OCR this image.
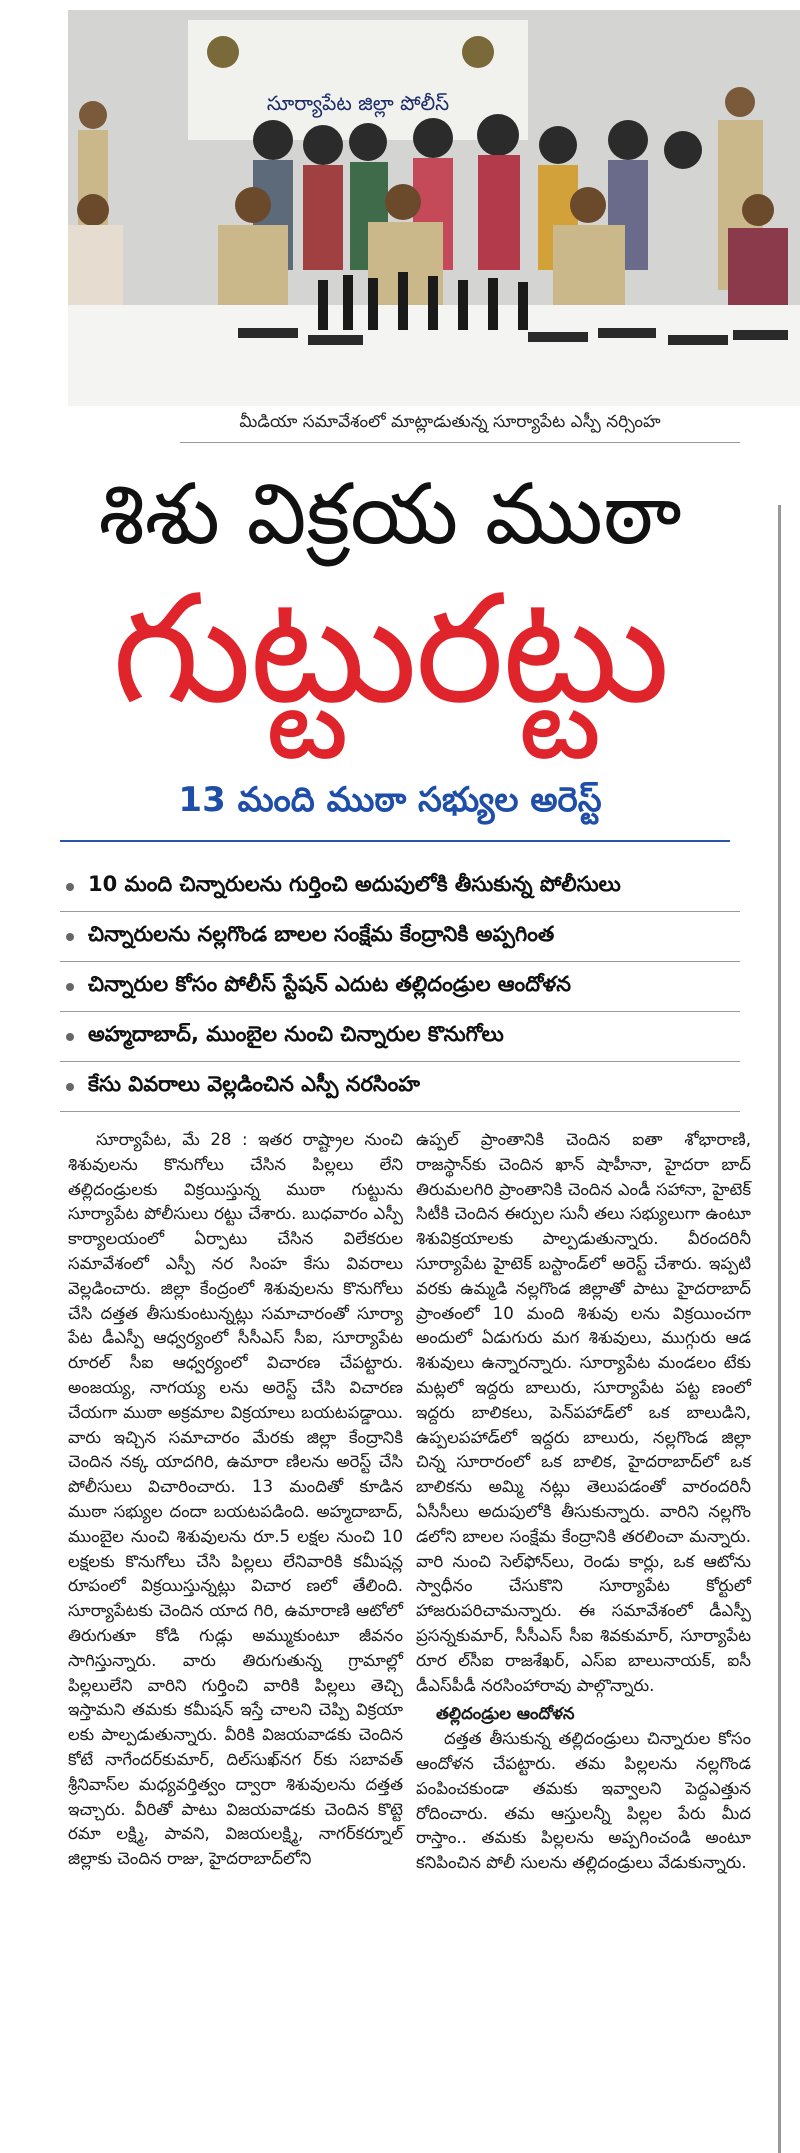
సూర్యాపేట జిల్లా పోలీస్
మీడియా సమావేశంలో మాట్లాడుతున్న సూర్యాపేట ఎస్పీ నర్సింహ
శిశు విక్రయ ముఠా
గుట్టురట్టు
13 మంది ముఠా సభ్యుల అరెస్ట్
10 మంది చిన్నారులను గుర్తించి అదుపులోకి తీసుకున్న పోలీసులు
చిన్నారులను నల్లగొండ బాలల సంక్షేమ కేంద్రానికి అప్పగింత
చిన్నారుల కోసం పోలీస్ స్టేషన్ ఎదుట తల్లిదండ్రుల ఆందోళన
అహ్మదాబాద్, ముంబైల నుంచి చిన్నారుల కొనుగోలు
కేసు వివరాలు వెల్లడించిన ఎస్పీ నరసింహ

సూర్యాపేట, మే 28 : ఇతర రాష్ట్రాల నుంచి శిశువులను కొనుగోలు చేసిన పిల్లలు లేని తల్లిదండ్రులకు విక్రయిస్తున్న ముఠా గుట్టును సూర్యాపేట పోలీసులు రట్టు చేశారు. బుధవారం ఎస్పీ కార్యాలయంలో ఏర్పాటు చేసిన విలేకరుల సమావేశంలో ఎస్పీ నర సింహ కేసు వివరాలు వెల్లడించారు. జిల్లా కేంద్రంలో శిశువులను కొనుగోలు చేసి దత్తత తీసుకుంటున్నట్లు సమాచారంతో సూర్యా పేట డీఎస్పీ ఆధ్వర్యంలో సీసీఎస్ సీఐ, సూర్యాపేట రూరల్ సీఐ ఆధ్వర్యంలో విచారణ చేపట్టారు. అంజయ్య, నాగయ్య లను అరెస్ట్ చేసి విచారణ చేయగా ముఠా అక్రమాల విక్రయాలు బయటపడ్డాయి. వారు ఇచ్చిన సమాచారం మేరకు జిల్లా కేంద్రానికి చెందిన నక్క యాదగిరి, ఉమారా ణిలను అరెస్ట్ చేసి పోలీసులు విచారించారు. 13 మందితో కూడిన ముఠా సభ్యుల దందా బయటపడింది. అహ్మదాబాద్, ముంబైల నుంచి శిశువులను రూ.5 లక్షల నుంచి 10 లక్షలకు కొనుగోలు చేసి పిల్లలు లేనివారికి కమీషన్ల రూపంలో విక్రయిస్తున్నట్లు విచార ణలో తేలింది. సూర్యాపేటకు చెందిన యాద గిరి, ఉమారాణి ఆటోలో తిరుగుతూ కోడి గుడ్లు అమ్ముకుంటూ జీవనం సాగిస్తున్నారు. వారు తిరుగుతున్న గ్రామాల్లో పిల్లలులేని వారిని గుర్తించి వారికి పిల్లలు తెచ్చి ఇస్తామని తమకు కమీషన్ ఇస్తే చాలని చెప్పి విక్రయా లకు పాల్పడుతున్నారు. వీరికి విజయవాడకు చెందిన కోటే నాగేందర్‌కుమార్, దిల్‌సుఖ్‌నగ ర్‌కు సబావత్ శ్రీనివాస్‌ల మధ్యవర్తిత్వం ద్వారా శిశువులను దత్తత ఇచ్చారు. వీరితో పాటు విజయవాడకు చెందిన కొట్టె రమా లక్ష్మి, పావని, విజయలక్ష్మి, నాగర్‌కర్నూల్ జిల్లాకు చెందిన రాజు, హైదరాబాద్‌లోని

ఉప్పల్ ప్రాంతానికి చెందిన ఐతా శోభారాణి, రాజస్థాన్‌కు చెందిన ఖాన్ షాహీనా, హైదరా బాద్ తిరుమలగిరి ప్రాంతానికి చెందిన ఎండీ సహానా, హైటెక్ సిటీకి చెందిన ఈర్పుల సునీ తలు సభ్యులుగా ఉంటూ శిశువిక్రయాలకు పాల్పడుతున్నారు. వీరందరినీ సూర్యాపేట హైటెక్ బస్టాండ్‌లో అరెస్ట్ చేశారు. ఇప్పటి వరకు ఉమ్మడి నల్లగొండ జిల్లాతో పాటు హైదరాబాద్ ప్రాంతంలో 10 మంది శిశువు లను విక్రయించగా అందులో ఏడుగురు మగ శిశువులు, ముగ్గురు ఆడ శిశువులు ఉన్నారన్నారు. సూర్యాపేట మండలం టేకు మట్లలో ఇద్దరు బాలురు, సూర్యాపేట పట్ట ణంలో ఇద్దరు బాలికలు, పెన్‌పహాడ్‌లో ఒక బాలుడిని, ఉప్పలపహాడ్‌లో ఇద్దరు బాలురు, నల్లగొండ జిల్లా చిన్న సూరారంలో ఒక బాలిక, హైదరాబాద్‌లో ఒక బాలికను అమ్మి నట్లు తెలుపడంతో వారందరినీ ఏసీసీలు అదుపులోకి తీసుకున్నారు. వారిని నల్లగొం డలోని బాలల సంక్షేమ కేంద్రానికి తరలించా మన్నారు. వారి నుంచి సెల్‌ఫోన్‌లు, రెండు కార్లు, ఒక ఆటోను స్వాధీనం చేసుకొని సూర్యాపేట కోర్టులో హాజరుపరిచామన్నారు. ఈ సమావేశంలో డీఎస్పీ ప్రసన్నకుమార్, సీసీఎస్ సీఐ శివకుమార్, సూర్యాపేట రూర ల్‌సీఐ రాజశేఖర్, ఎస్ఐ బాలునాయక్, ఐసీ డీఎస్‌పీడీ నరసింహారావు పాల్గొన్నారు.

తల్లిదండ్రుల ఆందోళన

దత్తత తీసుకున్న తల్లిదండ్రులు చిన్నారుల కోసం ఆందోళన చేపట్టారు. తమ పిల్లలను నల్లగొండ పంపించకుండా తమకు ఇవ్వాలని పెద్దఎత్తున రోదించారు. తమ ఆస్తులన్నీ పిల్లల పేరు మీద రాస్తాం.. తమకు పిల్లలను అప్పగించండి అంటూ కనిపించిన పోలీ సులను తల్లిదండ్రులు వేడుకున్నారు.
